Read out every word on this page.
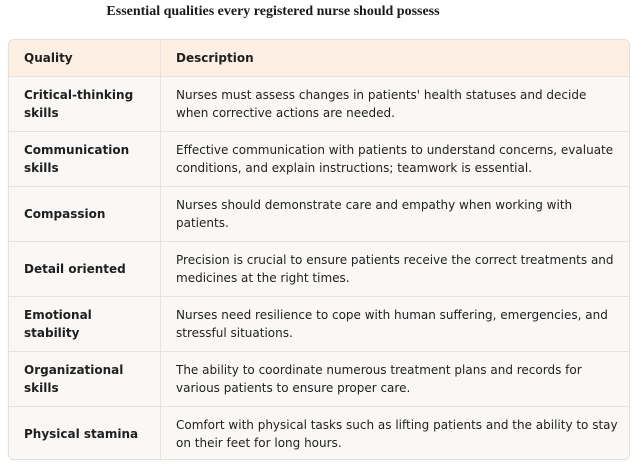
Essential qualities every registered nurse should possess
Quality	Description
Critical-thinking skills	Nurses must assess changes in patients' health statuses and decide when corrective actions are needed.
Communication skills	Effective communication with patients to understand concerns, evaluate conditions, and explain instructions; teamwork is essential.
Compassion	Nurses should demonstrate care and empathy when working with patients.
Detail oriented	Precision is crucial to ensure patients receive the correct treatments and medicines at the right times.
Emotional stability	Nurses need resilience to cope with human suffering, emergencies, and stressful situations.
Organizational skills	The ability to coordinate numerous treatment plans and records for various patients to ensure proper care.
Physical stamina	Comfort with physical tasks such as lifting patients and the ability to stay on their feet for long hours.
